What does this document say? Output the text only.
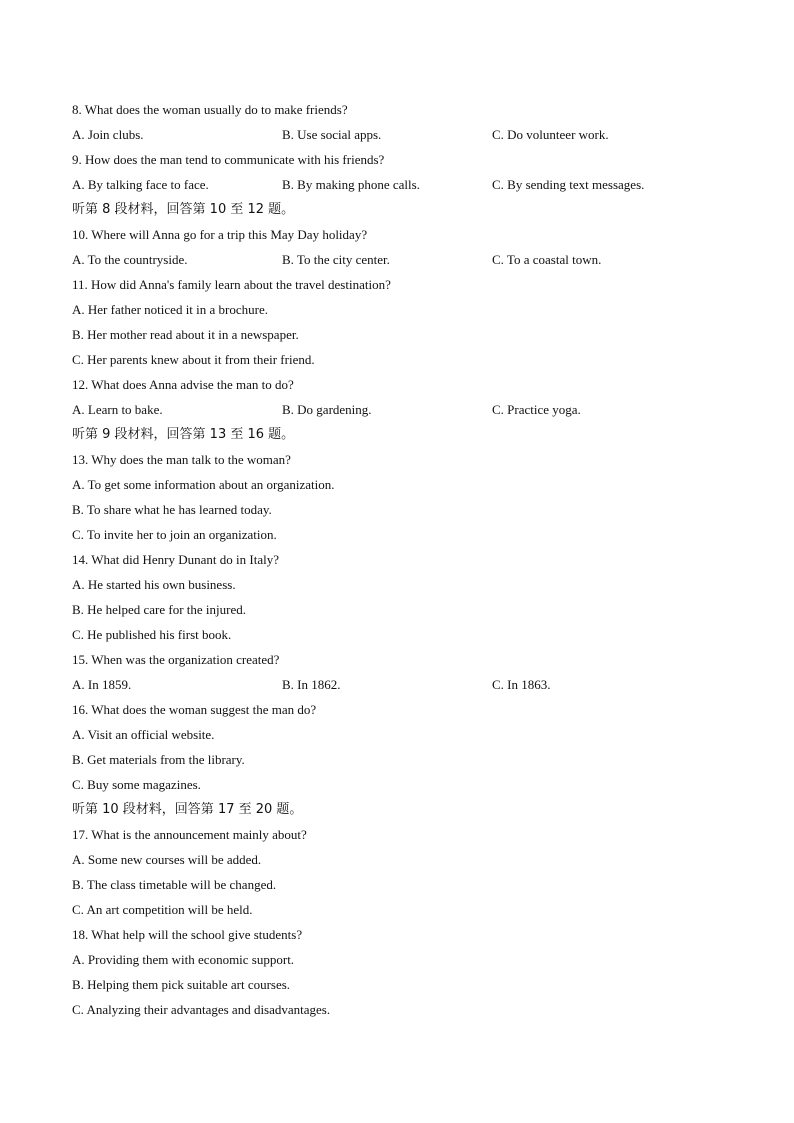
8. What does the woman usually do to make friends?
A. Join clubs.	B. Use social apps.	C. Do volunteer work.
9. How does the man tend to communicate with his friends?
A. By talking face to face.	B. By making phone calls.	C. By sending text messages.
听第 8 段材料，回答第 10 至 12 题。
10. Where will Anna go for a trip this May Day holiday?
A. To the countryside.	B. To the city center.	C. To a coastal town.
11. How did Anna's family learn about the travel destination?
A. Her father noticed it in a brochure.
B. Her mother read about it in a newspaper.
C. Her parents knew about it from their friend.
12. What does Anna advise the man to do?
A. Learn to bake.	B. Do gardening.	C. Practice yoga.
听第 9 段材料，回答第 13 至 16 题。
13. Why does the man talk to the woman?
A. To get some information about an organization.
B. To share what he has learned today.
C. To invite her to join an organization.
14. What did Henry Dunant do in Italy?
A. He started his own business.
B. He helped care for the injured.
C. He published his first book.
15. When was the organization created?
A. In 1859.	B. In 1862.	C. In 1863.
16. What does the woman suggest the man do?
A. Visit an official website.
B. Get materials from the library.
C. Buy some magazines.
听第 10 段材料，回答第 17 至 20 题。
17. What is the announcement mainly about?
A. Some new courses will be added.
B. The class timetable will be changed.
C. An art competition will be held.
18. What help will the school give students?
A. Providing them with economic support.
B. Helping them pick suitable art courses.
C. Analyzing their advantages and disadvantages.
